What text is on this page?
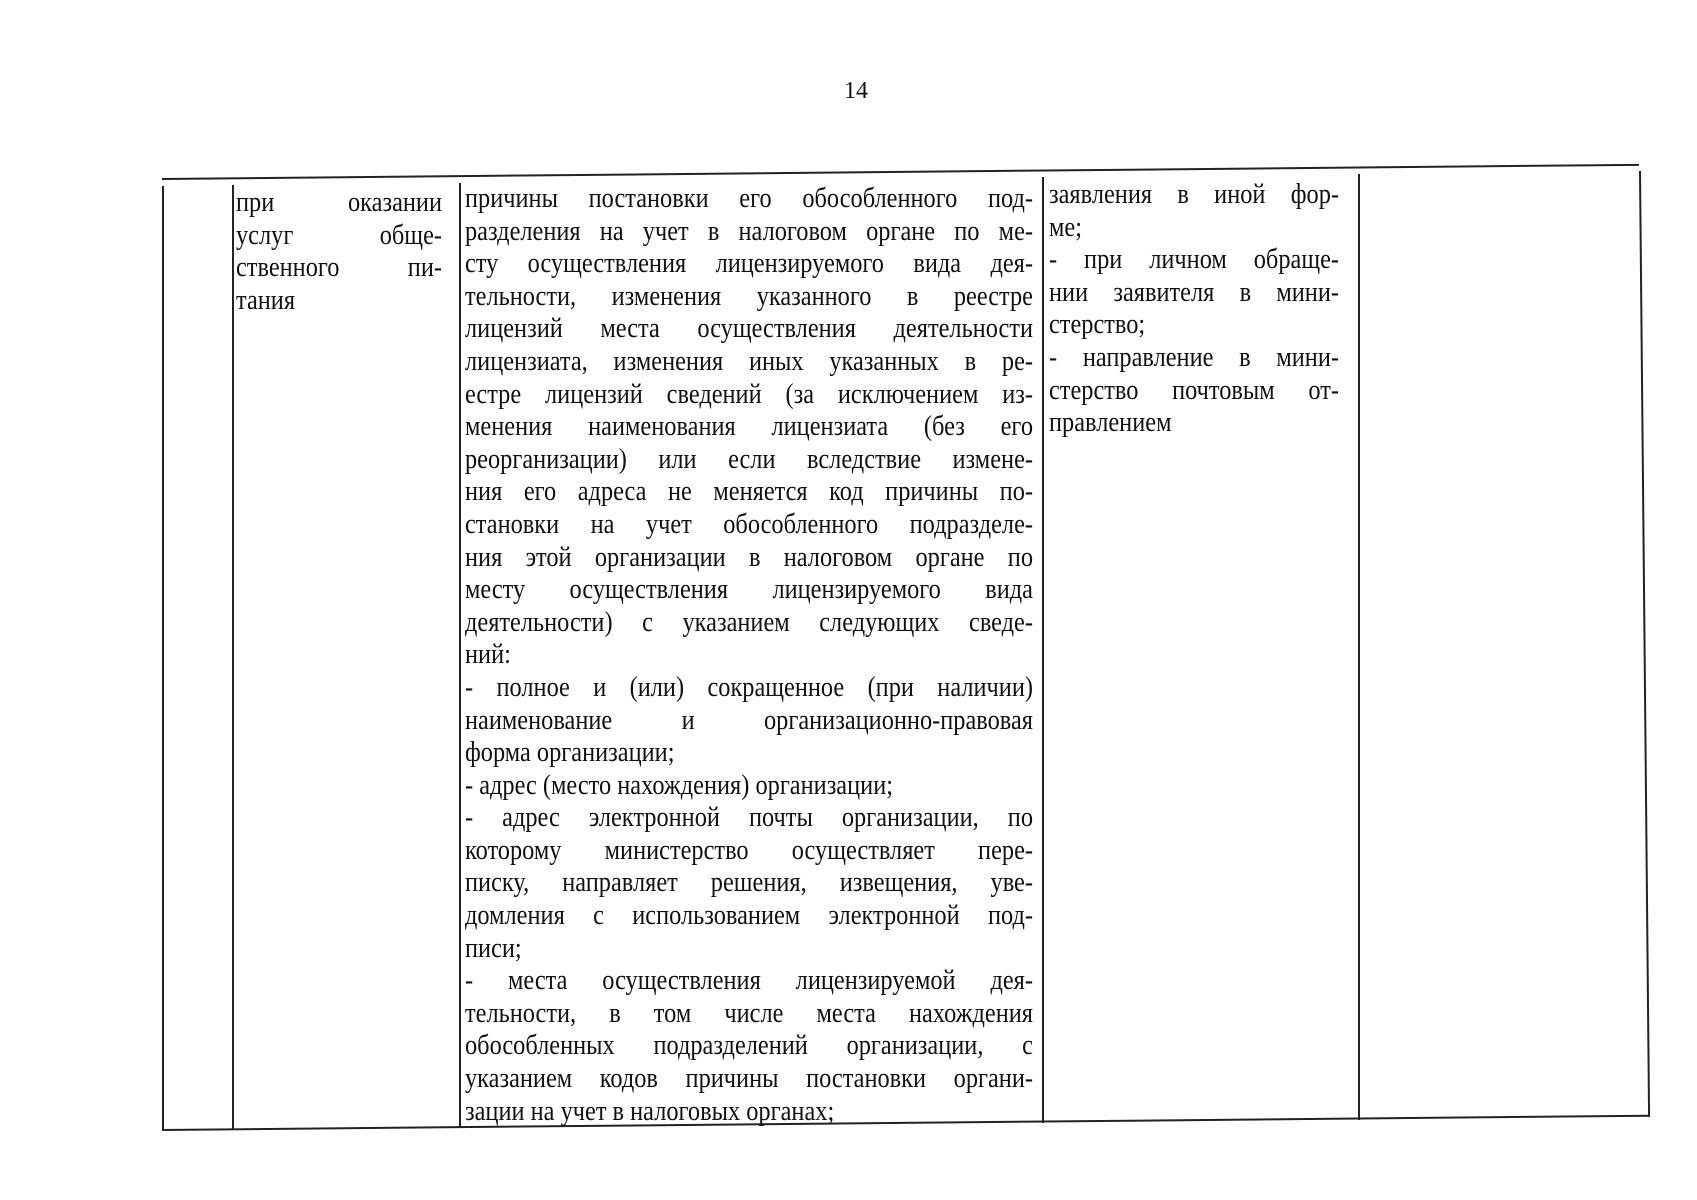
14
при оказании
услуг обще-
ственного пи-
тания
причины постановки его обособленного под-
разделения на учет в налоговом органе по ме-
сту осуществления лицензируемого вида дея-
тельности, изменения указанного в реестре
лицензий места осуществления деятельности
лицензиата, изменения иных указанных в ре-
естре лицензий сведений (за исключением из-
менения наименования лицензиата (без его
реорганизации) или если вследствие измене-
ния его адреса не меняется код причины по-
становки на учет обособленного подразделе-
ния этой организации в налоговом органе по
месту осуществления лицензируемого вида
деятельности) с указанием следующих сведе-
ний:
- полное и (или) сокращенное (при наличии)
наименование и организационно-правовая
форма организации;
- адрес (место нахождения) организации;
- адрес электронной почты организации, по
которому министерство осуществляет пере-
писку, направляет решения, извещения, уве-
домления с использованием электронной под-
писи;
- места осуществления лицензируемой дея-
тельности, в том числе места нахождения
обособленных подразделений организации, с
указанием кодов причины постановки органи-
зации на учет в налоговых органах;
заявления в иной фор-
ме;
- при личном обраще-
нии заявителя в мини-
стерство;
- направление в мини-
стерство почтовым от-
правлением
